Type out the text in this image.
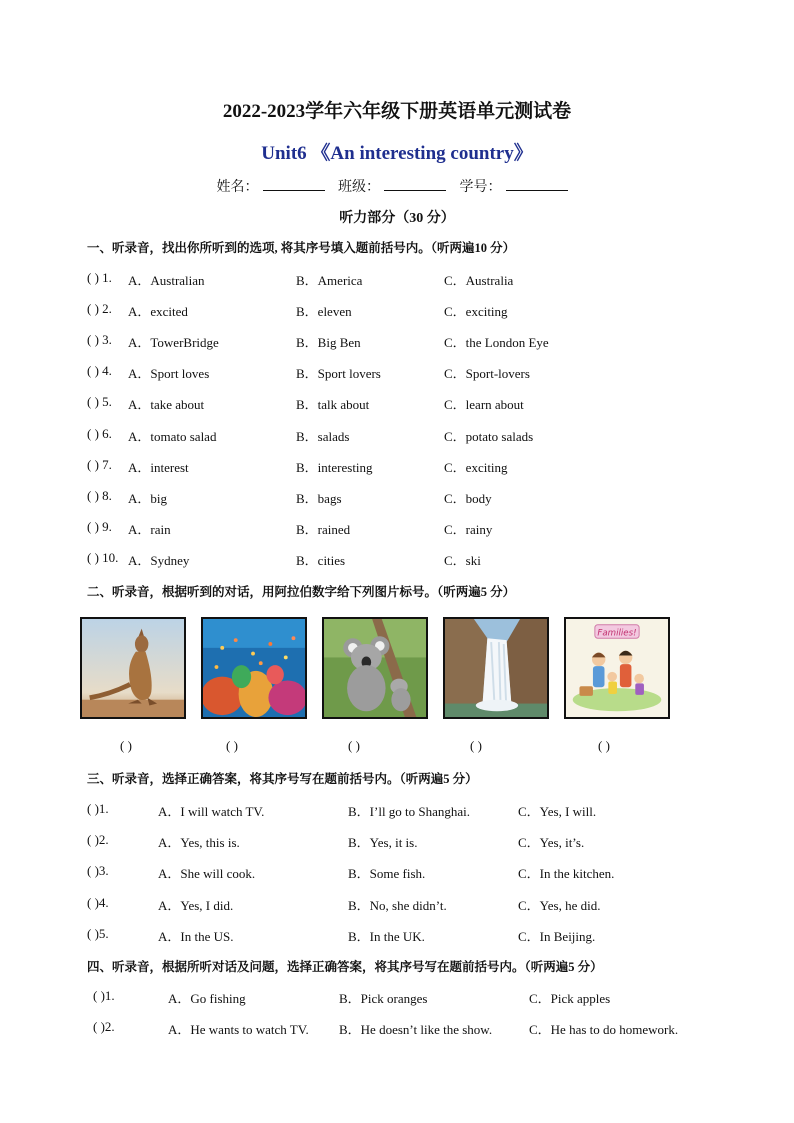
2022-2023学年六年级下册英语单元测试卷
Unit6 《An interesting country》
姓名：	班级：	学号：
听力部分（30 分）
一、听录音，找出你所听到的选项, 将其序号填入题前括号内。（听两遍10 分）
( ) 1. A．Australian	B．America	C．Australia
( ) 2. A．excited	B．eleven	C．exciting
( ) 3. A．TowerBridge	B．Big Ben	C．the London Eye
( ) 4. A．Sport loves	B．Sport lovers	C．Sport-lovers
( ) 5. A．take about	B．talk about	C．learn about
( ) 6. A．tomato salad	B．salads	C．potato salads
( ) 7. A．interest	B．interesting	C．exciting
( ) 8. A．big	B．bags	C．body
( ) 9. A．rain	B．rained	C．rainy
( ) 10. A．Sydney	B．cities	C．ski
二、听录音，根据听到的对话，用阿拉伯数字给下列图片标号。（听两遍5 分）
Families!
( )	( )	( )	( )	( )
三、听录音，选择正确答案，将其序号写在题前括号内。（听两遍5 分）
( )1.	A．I will watch TV.	B．I’ll go to Shanghai.	C．Yes, I will.
( )2.	A．Yes, this is.	B．Yes, it is.	C．Yes, it’s.
( )3.	A．She will cook.	B．Some fish.	C．In the kitchen.
( )4.	A．Yes, I did.	B．No, she didn’t.	C．Yes, he did.
( )5.	A．In the US.	B．In the UK.	C．In Beijing.
四、听录音，根据所听对话及问题，选择正确答案，将其序号写在题前括号内。（听两遍5 分）
( )1.	A．Go fishing	B．Pick oranges	C．Pick apples
( )2.	A．He wants to watch TV. B．He doesn’t like the show.	C．He has to do homework.
